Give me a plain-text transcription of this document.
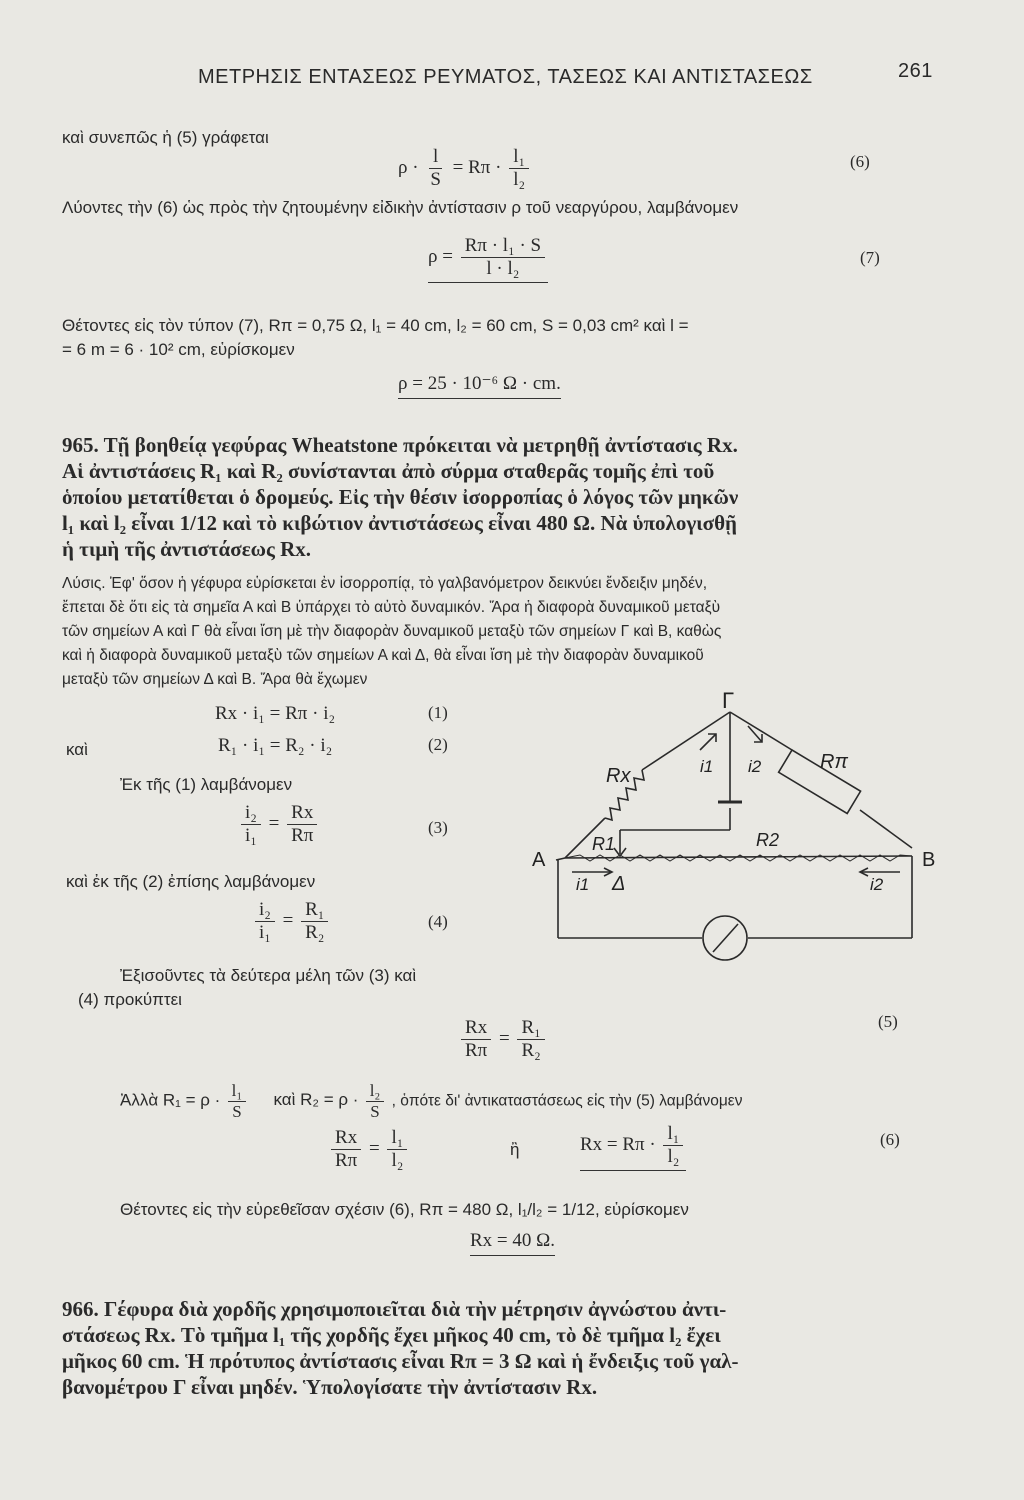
ΜΕΤΡΗΣΙΣ ΕΝΤΑΣΕΩΣ ΡΕΥΜΑΤΟΣ, ΤΑΣΕΩΣ ΚΑΙ ΑΝΤΙΣΤΑΣΕΩΣ	261
καὶ συνεπῶς ἡ (5) γράφεται
$\rho \cdot \frac{l}{S} = R\pi \cdot \frac{\text{l₁}}{\text{l₂}}$	(6)
Λύοντες τὴν (6) ὡς πρὸς τὴν ζητουμένην εἰδικὴν ἀντίστασιν ρ τοῦ νεαργύρου, λαμβάνομεν
$\rho = \frac{\text{Rπ · l₁ · S}}{\text{l · l₂}}$	(7)
Θέτοντες εἰς τὸν τύπον (7), Rπ = 0,75 Ω, l₁ = 40 cm, l₂ = 60 cm, S = 0,03 cm² καὶ l =
= 6 m = 6 · 10² cm, εὑρίσκομεν
ρ = 25 · 10⁻⁶ Ω · cm.

965. Τῇ βοηθείᾳ γεφύρας Wheatstone πρόκειται νὰ μετρηθῇ ἀντίστασις Rx.

Αἱ ἀντιστάσεις R₁ καὶ R₂ συνίστανται ἀπὸ σύρμα σταθερᾶς τομῆς ἐπὶ τοῦ

ὁποίου μετατίθεται ὁ δρομεύς. Εἰς τὴν θέσιν ἰσορροπίας ὁ λόγος τῶν μηκῶν

l₁ καὶ l₂ εἶναι 1/12 καὶ τὸ κιβώτιον ἀντιστάσεως εἶναι 480 Ω. Νὰ ὑπολογισθῇ

ἡ τιμὴ τῆς ἀντιστάσεως Rx.

Λύσις. Ἐφ' ὅσον ἡ γέφυρα εὑρίσκεται ἐν ἰσορροπίᾳ, τὸ γαλβανόμετρον δεικνύει ἔνδειξιν μηδέν,

ἔπεται δὲ ὅτι εἰς τὰ σημεῖα Α καὶ Β ὑπάρχει τὸ αὐτὸ δυναμικόν. Ἄρα ἡ διαφορὰ δυναμικοῦ μεταξὺ

τῶν σημείων Α καὶ Γ θὰ εἶναι ἴση μὲ τὴν διαφορὰν δυναμικοῦ μεταξὺ τῶν σημείων Γ καὶ Β, καθὼς

καὶ ἡ διαφορὰ δυναμικοῦ μεταξὺ τῶν σημείων Α καὶ Δ, θὰ εἶναι ἴση μὲ τὴν διαφορὰν δυναμικοῦ

μεταξὺ τῶν σημείων Δ καὶ Β. Ἄρα θὰ ἔχωμεν

Rx · i₁ = Rπ · i₂	(1)
καὶ	R₁ · i₁ = R₂ · i₂	(2)
Ἐκ τῆς (1) λαμβάνομεν
$\frac{\text{i₂}}{\text{i₁}} = \frac{Rx}{R\pi}$	(3)
καὶ ἐκ τῆς (2) ἐπίσης λαμβάνομεν
$\frac{\text{i₂}}{\text{i₁}} = \frac{\text{R₁}}{\text{R₂}}$	(4)
Ἐξισοῦντες τὰ δεύτερα μέλη τῶν (3) καὶ
(4) προκύπτει
$\frac{Rx}{R\pi} = \frac{\text{R₁}}{\text{R₂}}$	(5)
Ἀλλὰ $R_1 = \rho \cdot \frac{\text{l₁}}{S}$ καὶ $R_2 = \rho \cdot \frac{\text{l₂}}{S}$ , ὁπότε δι' ἀντικαταστάσεως εἰς τὴν (5) λαμβάνομεν
$\frac{Rx}{R\pi} = \frac{\text{l₁}}{\text{l₂}}$	ἢ	$Rx = R\pi \cdot \frac{\text{l₁}}{\text{l₂}}$	(6)
Θέτοντες εἰς τὴν εὑρεθεῖσαν σχέσιν (6), Rπ = 480 Ω, l₁/l₂ = 1/12, εὑρίσκομεν
Rx = 40 Ω.

966. Γέφυρα διὰ χορδῆς χρησιμοποιεῖται διὰ τὴν μέτρησιν ἀγνώστου ἀντι-

στάσεως Rx. Τὸ τμῆμα l₁ τῆς χορδῆς ἔχει μῆκος 40 cm, τὸ δὲ τμῆμα l₂ ἔχει

μῆκος 60 cm. Ἡ πρότυπος ἀντίστασις εἶναι Rπ = 3 Ω καὶ ἡ ἔνδειξις τοῦ γαλ-

βανομέτρου Γ εἶναι μηδέν. Ὑπολογίσατε τὴν ἀντίστασιν Rx.

Γ
A	B
Δ
Rx
Rπ
R1	R2
i1 i2
i1	i2
